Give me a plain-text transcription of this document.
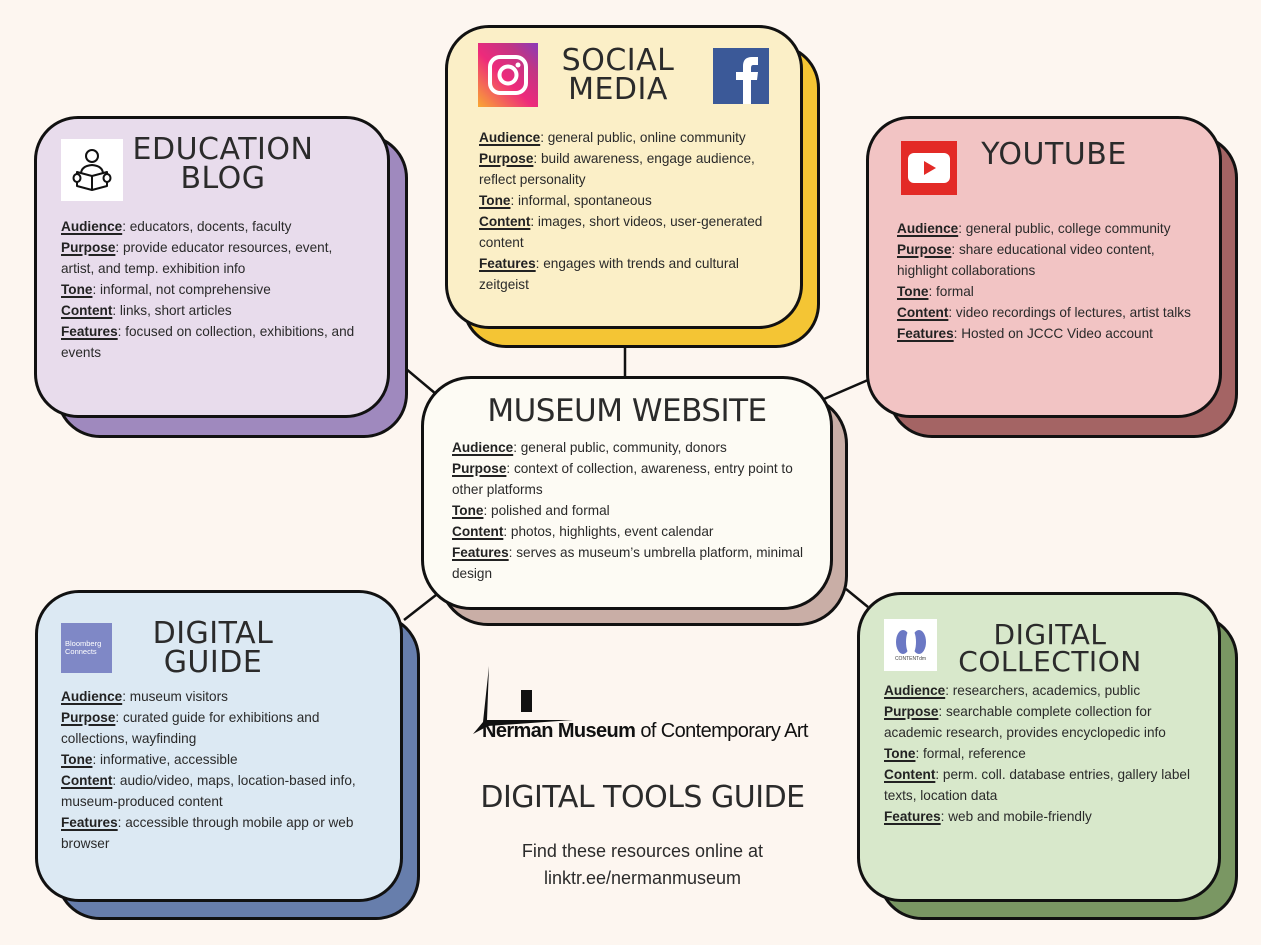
EDUCATION
BLOG
Audience: educators, docents, faculty
Purpose: provide educator resources, event, artist, and temp. exhibition info
Tone: informal, not comprehensive
Content: links, short articles
Features: focused on collection, exhibitions, and events
SOCIAL
MEDIA
Audience: general public, online community
Purpose: build awareness, engage audience, reflect personality
Tone: informal, spontaneous
Content: images, short videos, user-generated content
Features: engages with trends and cultural zeitgeist
YOUTUBE
Audience: general public, college community
Purpose: share educational video content, highlight collaborations
Tone: formal
Content: video recordings of lectures, artist talks
Features: Hosted on JCCC Video account
MUSEUM WEBSITE
Audience: general public, community, donors
Purpose: context of collection, awareness, entry point to other platforms
Tone: polished and formal
Content: photos, highlights, event calendar
Features: serves as museum’s umbrella platform, minimal design
Bloomberg
Connects
DIGITAL
GUIDE
Audience: museum visitors
Purpose: curated guide for exhibitions and collections, wayfinding
Tone: informative, accessible
Content: audio/video, maps, location-based info, museum-produced content
Features: accessible through mobile app or web browser
CONTENTdm
DIGITAL
COLLECTION
Audience: researchers, academics, public
Purpose: searchable complete collection for academic research, provides encyclopedic info
Tone: formal, reference
Content: perm. coll. database entries, gallery label texts, location data
Features: web and mobile-friendly
Nerman Museum of Contemporary Art
DIGITAL TOOLS GUIDE
Find these resources online at
linktr.ee/nermanmuseum
